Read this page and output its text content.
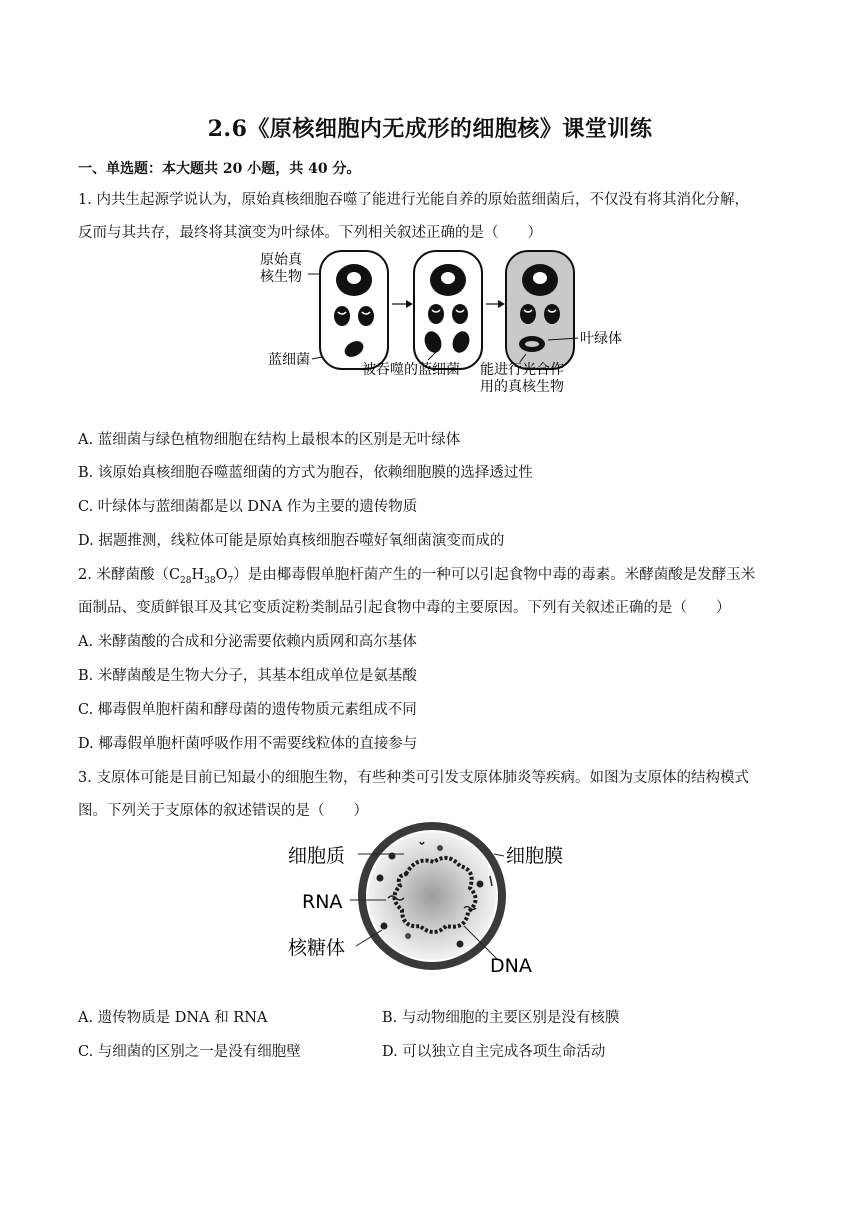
2.6《原核细胞内无成形的细胞核》课堂训练
一、单选题：本大题共 20 小题，共 40 分。
1. 内共生起源学说认为，原始真核细胞吞噬了能进行光能自养的原始蓝细菌后，不仅没有将其消化分解，
反而与其共存，最终将其演变为叶绿体。下列相关叙述正确的是（　　）
原始真
核生物
蓝细菌
叶绿体
被吞噬的蓝细菌 能进行光合作
用的真核生物
A. 蓝细菌与绿色植物细胞在结构上最根本的区别是无叶绿体
B. 该原始真核细胞吞噬蓝细菌的方式为胞吞，依赖细胞膜的选择透过性
C. 叶绿体与蓝细菌都是以 DNA 作为主要的遗传物质
D. 据题推测，线粒体可能是原始真核细胞吞噬好氧细菌演变而成的
2. 米酵菌酸$(C_{28}H_{38}O_7)$是由椰毒假单胞杆菌产生的一种可以引起食物中毒的毒素。米酵菌酸是发酵玉米
面制品、变质鲜银耳及其它变质淀粉类制品引起食物中毒的主要原因。下列有关叙述正确的是（　　）
A. 米酵菌酸的合成和分泌需要依赖内质网和高尔基体
B. 米酵菌酸是生物大分子，其基本组成单位是氨基酸
C. 椰毒假单胞杆菌和酵母菌的遗传物质元素组成不同
D. 椰毒假单胞杆菌呼吸作用不需要线粒体的直接参与
3. 支原体可能是目前已知最小的细胞生物，有些种类可引发支原体肺炎等疾病。如图为支原体的结构模式
图。下列关于支原体的叙述错误的是（　　）
细胞质	细胞膜
RNA
核糖体
DNA
A. 遗传物质是 DNA 和 RNA	B. 与动物细胞的主要区别是没有核膜
C. 与细菌的区别之一是没有细胞壁	D. 可以独立自主完成各项生命活动
